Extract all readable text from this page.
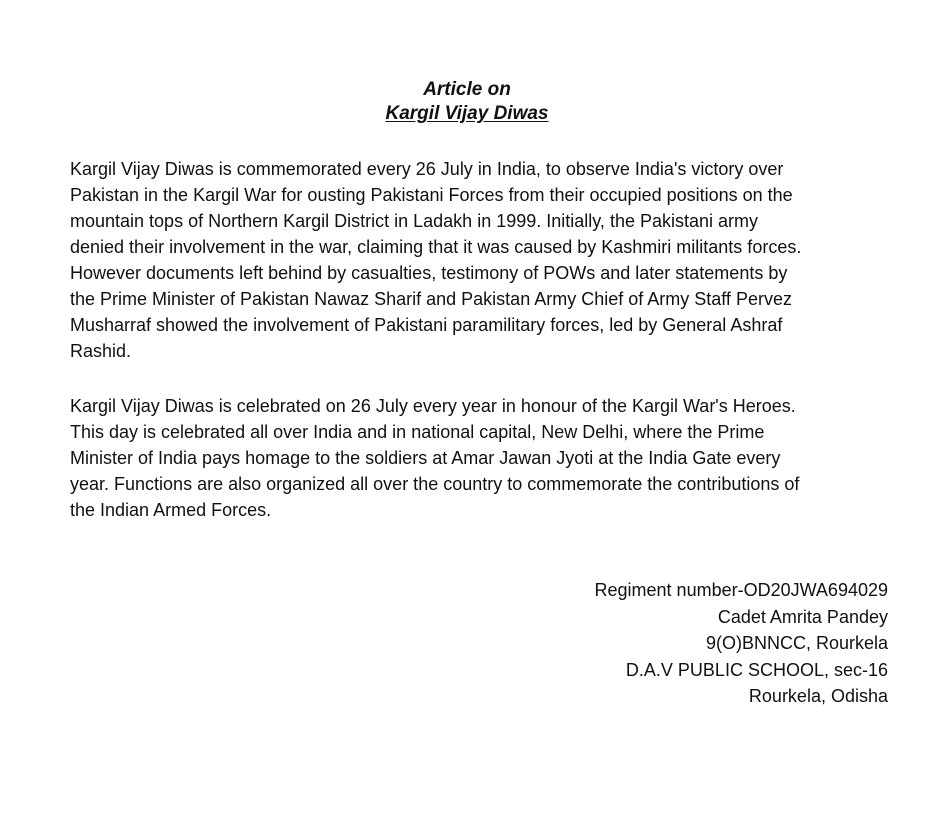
Article on
Kargil Vijay Diwas
Kargil Vijay Diwas is commemorated every 26 July in India, to observe India's victory over
Pakistan in the Kargil War for ousting Pakistani Forces from their occupied positions on the
mountain tops of Northern Kargil District in Ladakh in 1999. Initially, the Pakistani army
denied their involvement in the war, claiming that it was caused by Kashmiri militants forces.
However documents left behind by casualties, testimony of POWs and later statements by
the Prime Minister of Pakistan Nawaz Sharif and Pakistan Army Chief of Army Staff Pervez
Musharraf showed the involvement of Pakistani paramilitary forces, led by General Ashraf
Rashid.
Kargil Vijay Diwas is celebrated on 26 July every year in honour of the Kargil War's Heroes.
This day is celebrated all over India and in national capital, New Delhi, where the Prime
Minister of India pays homage to the soldiers at Amar Jawan Jyoti at the India Gate every
year. Functions are also organized all over the country to commemorate the contributions of
the Indian Armed Forces.
Regiment number-OD20JWA694029
Cadet Amrita Pandey
9(O)BNNCC, Rourkela
D.A.V PUBLIC SCHOOL, sec-16
Rourkela, Odisha
